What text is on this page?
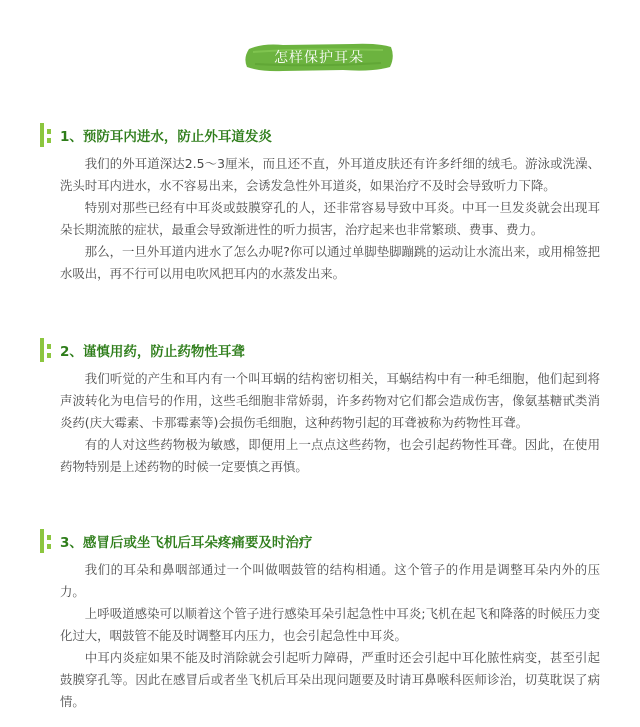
怎样保护耳朵
1、预防耳内进水，防止外耳道发炎

我们的外耳道深达2.5～3厘米，而且还不直，外耳道皮肤还有许多纤细的绒毛。游泳或洗澡、洗头时耳内进水，水不容易出来，会诱发急性外耳道炎，如果治疗不及时会导致听力下降。

特别对那些已经有中耳炎或鼓膜穿孔的人，还非常容易导致中耳炎。中耳一旦发炎就会出现耳朵长期流脓的症状，最重会导致渐进性的听力损害，治疗起来也非常繁琐、费事、费力。

那么，一旦外耳道内进水了怎么办呢?你可以通过单脚垫脚蹦跳的运动让水流出来，或用棉签把水吸出，再不行可以用电吹风把耳内的水蒸发出来。

2、谨慎用药，防止药物性耳聋

我们听觉的产生和耳内有一个叫耳蜗的结构密切相关，耳蜗结构中有一种毛细胞，他们起到将声波转化为电信号的作用，这些毛细胞非常娇弱，许多药物对它们都会造成伤害，像氨基糖甙类消炎药(庆大霉素、卡那霉素等)会损伤毛细胞，这种药物引起的耳聋被称为药物性耳聋。

有的人对这些药物极为敏感，即便用上一点点这些药物，也会引起药物性耳聋。因此，在使用药物特别是上述药物的时候一定要慎之再慎。

3、感冒后或坐飞机后耳朵疼痛要及时治疗

我们的耳朵和鼻咽部通过一个叫做咽鼓管的结构相通。这个管子的作用是调整耳朵内外的压力。

上呼吸道感染可以顺着这个管子进行感染耳朵引起急性中耳炎;飞机在起飞和降落的时候压力变化过大，咽鼓管不能及时调整耳内压力，也会引起急性中耳炎。

中耳内炎症如果不能及时消除就会引起听力障碍，严重时还会引起中耳化脓性病变，甚至引起鼓膜穿孔等。因此在感冒后或者坐飞机后耳朵出现问题要及时请耳鼻喉科医师诊治，切莫耽误了病情。
